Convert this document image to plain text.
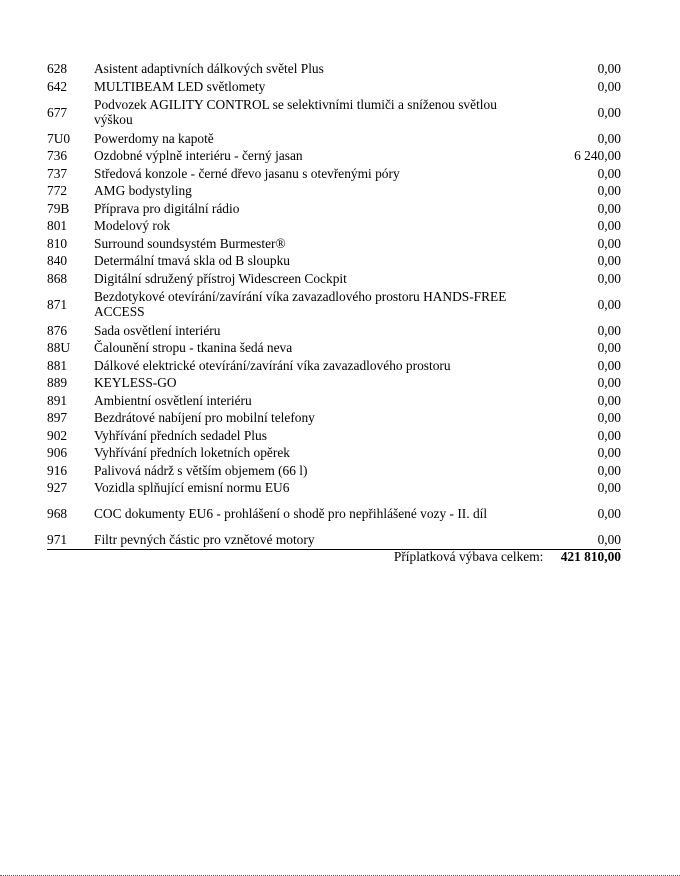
628	Asistent adaptivních dálkových světel Plus	0,00
642	MULTIBEAM LED světlomety	0,00
677	Podvozek AGILITY CONTROL se selektivními tlumiči a sníženou světlou výškou	0,00
7U0	Powerdomy na kapotě	0,00
736	Ozdobné výplně interiéru - černý jasan	6 240,00
737	Středová konzole - černé dřevo jasanu s otevřenými póry	0,00
772	AMG bodystyling	0,00
79B	Příprava pro digitální rádio	0,00
801	Modelový rok	0,00
810	Surround soundsystém Burmester®	0,00
840	Determální tmavá skla od B sloupku	0,00
868	Digitální sdružený přístroj Widescreen Cockpit	0,00
871	Bezdotykové otevírání/zavírání víka zavazadlového prostoru HANDS-FREE ACCESS	0,00
876	Sada osvětlení interiéru	0,00
88U	Čalounění stropu - tkanina šedá neva	0,00
881	Dálkové elektrické otevírání/zavírání víka zavazadlového prostoru	0,00
889	KEYLESS-GO	0,00
891	Ambientní osvětlení interiéru	0,00
897	Bezdrátové nabíjení pro mobilní telefony	0,00
902	Vyhřívání předních sedadel Plus	0,00
906	Vyhřívání předních loketních opěrek	0,00
916	Palivová nádrž s větším objemem (66 l)	0,00
927	Vozidla splňující emisní normu EU6	0,00
968	COC dokumenty EU6 - prohlášení o shodě pro nepřihlášené vozy - II. díl	0,00
971	Filtr pevných částic pro vznětové motory	0,00
Příplatková výbava celkem: 421 810,00
